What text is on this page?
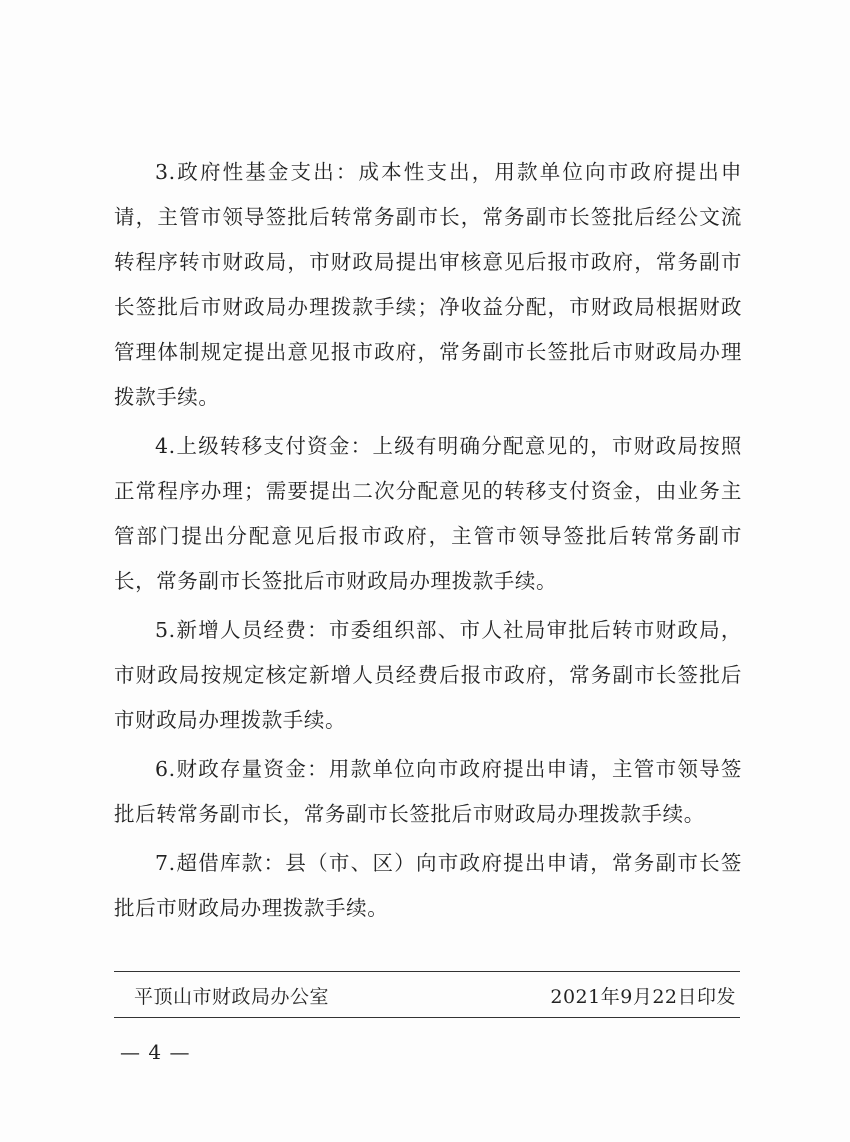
3.政府性基金支出：成本性支出，用款单位向市政府提出申请，主管市领导签批后转常务副市长，常务副市长签批后经公文流转程序转市财政局，市财政局提出审核意见后报市政府，常务副市长签批后市财政局办理拨款手续；净收益分配，市财政局根据财政管理体制规定提出意见报市政府，常务副市长签批后市财政局办理拨款手续。

4.上级转移支付资金：上级有明确分配意见的，市财政局按照正常程序办理；需要提出二次分配意见的转移支付资金，由业务主管部门提出分配意见后报市政府，主管市领导签批后转常务副市长，常务副市长签批后市财政局办理拨款手续。

5.新增人员经费：市委组织部、市人社局审批后转市财政局，市财政局按规定核定新增人员经费后报市政府，常务副市长签批后市财政局办理拨款手续。

6.财政存量资金：用款单位向市政府提出申请，主管市领导签批后转常务副市长，常务副市长签批后市财政局办理拨款手续。

7.超借库款：县（市、区）向市政府提出申请，常务副市长签批后市财政局办理拨款手续。

平顶山市财政局办公室	2021年9月22日印发
— 4 —
